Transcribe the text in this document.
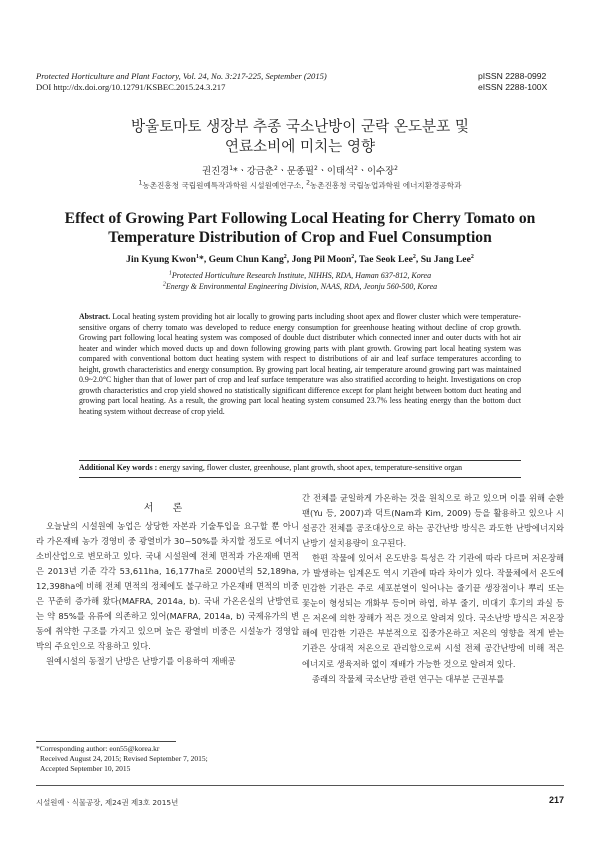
Protected Horticulture and Plant Factory, Vol. 24, No. 3:217-225, September (2015)
DOI http://dx.doi.org/10.12791/KSBEC.2015.24.3.217
pISSN 2288-0992
eISSN 2288-100X
방울토마토 생장부 추종 국소난방이 군락 온도분포 및
연료소비에 미치는 영향
권진경$^1$*ㆍ강금춘$^2$ㆍ문종필$^2$ㆍ이태석$^2$ㆍ이수장$^2$
$^1$농촌진흥청 국립원예특작과학원 시설원예연구소, $^2$농촌진흥청 국립농업과학원 에너지환경공학과
Effect of Growing Part Following Local Heating for Cherry Tomato on
Temperature Distribution of Crop and Fuel Consumption
Jin Kyung Kwon$^1$*, Geum Chun Kang$^2$, Jong Pil Moon$^2$, Tae Seok Lee$^2$, Su Jang Lee$^2$
$^1$Protected Horticulture Research Institute, NIHHS, RDA, Haman 637-812, Korea
$^2$Energy & Environmental Engineering Division, NAAS, RDA, Jeonju 560-500, Korea
Abstract. Local heating system providing hot air locally to growing parts including shoot apex and flower cluster which were temperature-sensitive organs of cherry tomato was developed to reduce energy consumption for greenhouse heating without decline of crop growth. Growing part following local heating system was composed of double duct distributer which connected inner and outer ducts with hot air heater and winder which moved ducts up and down following growing parts with plant growth. Growing part local heating system was compared with conventional bottom duct heating system with respect to distributions of air and leaf surface temperatures according to height, growth characteristics and energy consumption. By growing part local heating, air temperature around growing part was maintained 0.9~2.0°C higher than that of lower part of crop and leaf surface temperature was also stratified according to height. Investigations on crop growth characteristics and crop yield showed no statistically significant difference except for plant height between bottom duct heating and growing part local heating. As a result, the growing part local heating system consumed 23.7% less heating energy than the bottom duct heating system without decrease of crop yield.
Additional Key words : energy saving, flower cluster, greenhouse, plant growth, shoot apex, temperature-sensitive organ
서 론

오늘날의 시설원예 농업은 상당한 자본과 기술투입을 요구할 뿐 아니라 가온재배 농가 경영비 중 광열비가 30~50%를 차지할 정도로 에너지소비산업으로 변모하고 있다. 국내 시설원예 전체 면적과 가온재배 면적은 2013년 기준 각각 53,611ha, 16,177ha로 2000년의 52,189ha, 12,398ha에 비해 전체 면적의 정체에도 불구하고 가온재배 면적의 비중은 꾸준히 증가해 왔다(MAFRA, 2014a, b). 국내 가온온실의 난방연료는 약 85%를 유류에 의존하고 있어(MAFRA, 2014a, b) 국제유가의 변동에 취약한 구조를 가지고 있으며 높은 광열비 비중은 시설농가 경영압박의 주요인으로 작용하고 있다.

원예시설의 동절기 난방은 난방기를 이용하여 재배공

간 전체를 균일하게 가온하는 것을 원칙으로 하고 있으며 이를 위해 순환팬(Yu 등, 2007)과 덕트(Nam과 Kim, 2009) 등을 활용하고 있으나 시설공간 전체를 공조대상으로 하는 공간난방 방식은 과도한 난방에너지와 난방기 설치용량이 요구된다.

한편 작물에 있어서 온도반응 특성은 각 기관에 따라 다르며 저온장해가 발생하는 임계온도 역시 기관에 따라 차이가 있다. 작물체에서 온도에 민감한 기관은 주로 세포분열이 일어나는 줄기끝 생장점이나 뿌리 또는 꽃눈이 형성되는 개화부 등이며 하엽, 하부 줄기, 비대기 후기의 과실 등은 저온에 의한 장해가 적은 것으로 알려져 있다. 국소난방 방식은 저온장해에 민감한 기관은 부분적으로 집중가온하고 저온의 영향을 적게 받는 기관은 상대적 저온으로 관리함으로써 시설 전체 공간난방에 비해 적은 에너지로 생육저하 없이 재배가 가능한 것으로 알려져 있다.

종래의 작물체 국소난방 관련 연구는 대부분 근권부를

*Corresponding author: eon55@korea.kr
Received August 24, 2015; Revised September 7, 2015;
Accepted September 10, 2015
시설원예ㆍ식물공장, 제24권 제3호 2015년	217
